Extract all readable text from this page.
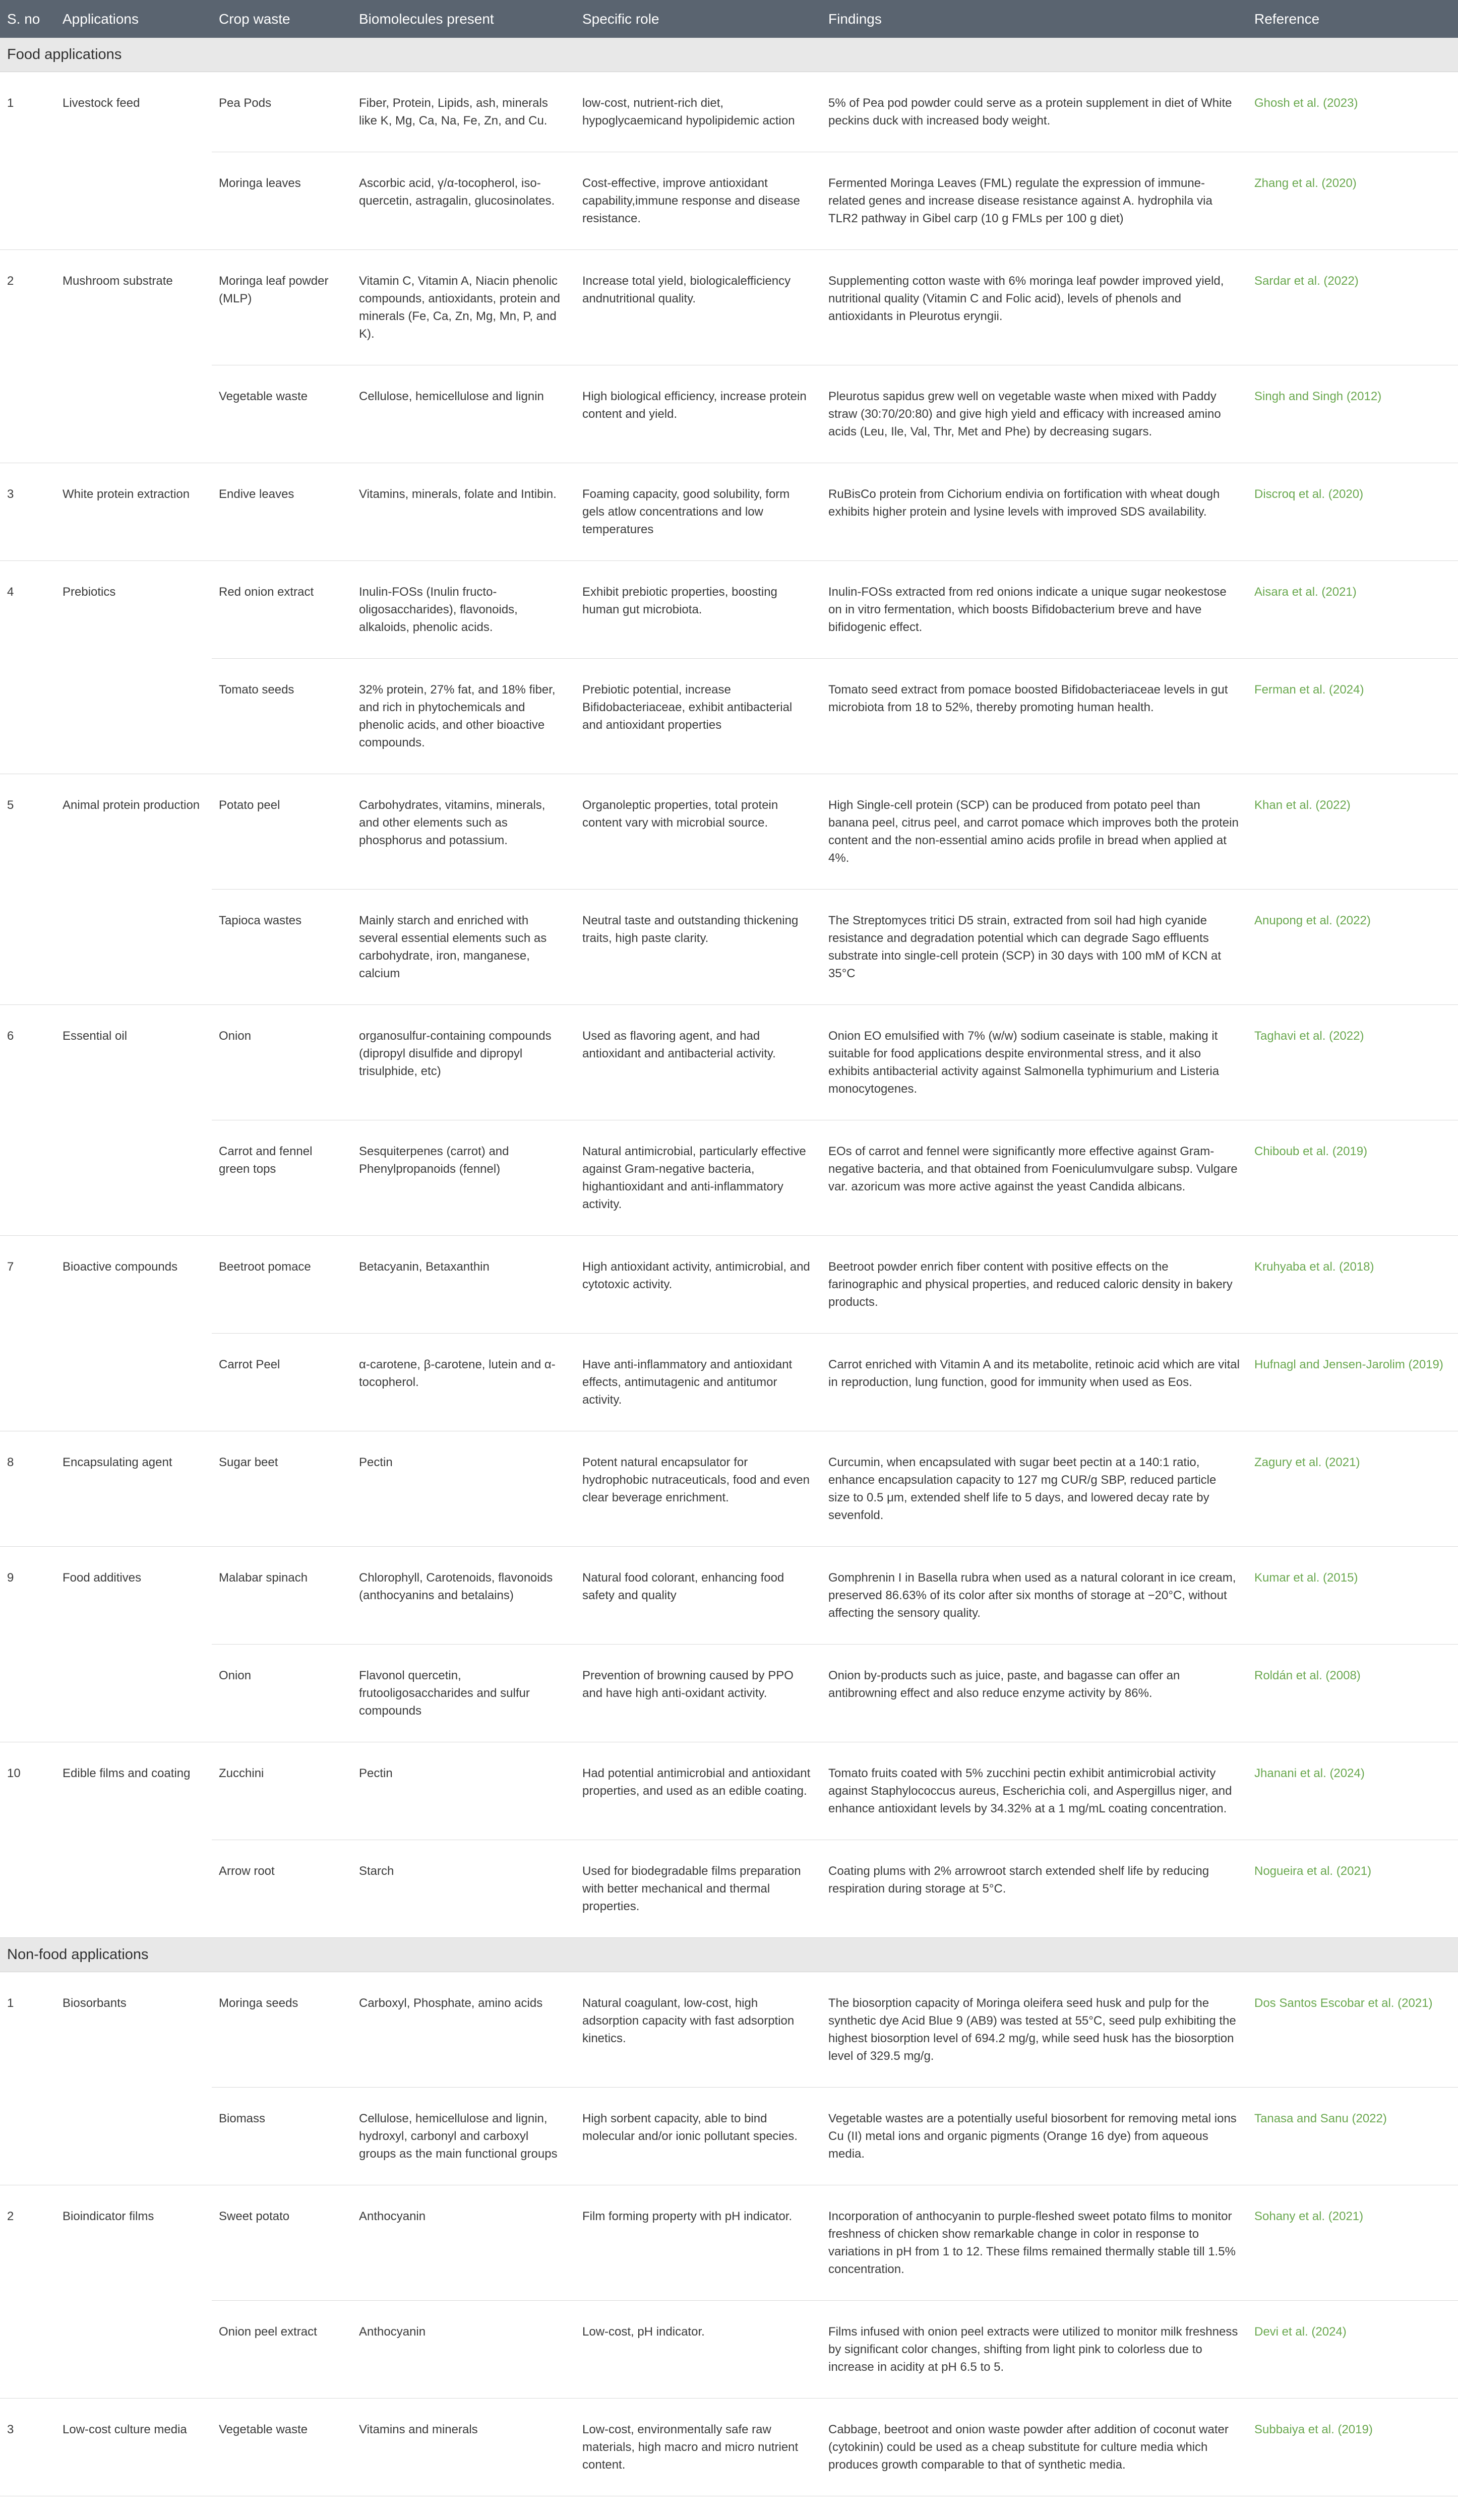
S. no	Applications	Crop waste	Biomolecules present	Specific role	Findings	Reference
Food applications						
1	Livestock feed	Pea Pods	Fiber, Protein, Lipids, ash, minerals like K, Mg, Ca, Na, Fe, Zn, and Cu.	low-cost, nutrient-rich diet, hypoglycaemicand hypolipidemic action	5% of Pea pod powder could serve as a protein supplement in diet of White peckins duck with increased body weight.	Ghosh et al. (2023)
		Moringa leaves	Ascorbic acid, γ/α-tocopherol, iso-quercetin, astragalin, glucosinolates.	Cost-effective, improve antioxidant capability,immune response and disease resistance.	Fermented Moringa Leaves (FML) regulate the expression of immune-related genes and increase disease resistance against A. hydrophila via TLR2 pathway in Gibel carp (10 g FMLs per 100 g diet)	Zhang et al. (2020)
2	Mushroom substrate	Moringa leaf powder (MLP)	Vitamin C, Vitamin A, Niacin phenolic compounds, antioxidants, protein and minerals (Fe, Ca, Zn, Mg, Mn, P, and K).	Increase total yield, biologicalefficiency andnutritional quality.	Supplementing cotton waste with 6% moringa leaf powder improved yield, nutritional quality (Vitamin C and Folic acid), levels of phenols and antioxidants in Pleurotus eryngii.	Sardar et al. (2022)
		Vegetable waste	Cellulose, hemicellulose and lignin	High biological efficiency, increase protein content and yield.	Pleurotus sapidus grew well on vegetable waste when mixed with Paddy straw (30:70/20:80) and give high yield and efficacy with increased amino acids (Leu, Ile, Val, Thr, Met and Phe) by decreasing sugars.	Singh and Singh (2012)
3	White protein extraction	Endive leaves	Vitamins, minerals, folate and Intibin.	Foaming capacity, good solubility, form gels atlow concentrations and low temperatures	RuBisCo protein from Cichorium endivia on fortification with wheat dough exhibits higher protein and lysine levels with improved SDS availability.	Discroq et al. (2020)
4	Prebiotics	Red onion extract	Inulin-FOSs (Inulin fructo-oligosaccharides), flavonoids, alkaloids, phenolic acids.	Exhibit prebiotic properties, boosting human gut microbiota.	Inulin-FOSs extracted from red onions indicate a unique sugar neokestose on in vitro fermentation, which boosts Bifidobacterium breve and have bifidogenic effect.	Aisara et al. (2021)
		Tomato seeds	32% protein, 27% fat, and 18% fiber, and rich in phytochemicals and phenolic acids, and other bioactive compounds.	Prebiotic potential, increase Bifidobacteriaceae, exhibit antibacterial and antioxidant properties	Tomato seed extract from pomace boosted Bifidobacteriaceae levels in gut microbiota from 18 to 52%, thereby promoting human health.	Ferman et al. (2024)
5	Animal protein production	Potato peel	Carbohydrates, vitamins, minerals, and other elements such as phosphorus and potassium.	Organoleptic properties, total protein content vary with microbial source.	High Single-cell protein (SCP) can be produced from potato peel than banana peel, citrus peel, and carrot pomace which improves both the protein content and the non-essential amino acids profile in bread when applied at 4%.	Khan et al. (2022)
		Tapioca wastes	Mainly starch and enriched with several essential elements such as carbohydrate, iron, manganese, calcium	Neutral taste and outstanding thickening traits, high paste clarity.	The Streptomyces tritici D5 strain, extracted from soil had high cyanide resistance and degradation potential which can degrade Sago effluents substrate into single-cell protein (SCP) in 30 days with 100 mM of KCN at 35°C	Anupong et al. (2022)
6	Essential oil	Onion	organosulfur-containing compounds (dipropyl disulfide and dipropyl trisulphide, etc)	Used as flavoring agent, and had antioxidant and antibacterial activity.	Onion EO emulsified with 7% (w/w) sodium caseinate is stable, making it suitable for food applications despite environmental stress, and it also exhibits antibacterial activity against Salmonella typhimurium and Listeria monocytogenes.	Taghavi et al. (2022)
		Carrot and fennel green tops	Sesquiterpenes (carrot) and Phenylpropanoids (fennel)	Natural antimicrobial, particularly effective against Gram-negative bacteria, highantioxidant and anti-inflammatory activity.	EOs of carrot and fennel were significantly more effective against Gram-negative bacteria, and that obtained from Foeniculumvulgare subsp. Vulgare var. azoricum was more active against the yeast Candida albicans.	Chiboub et al. (2019)
7	Bioactive compounds	Beetroot pomace	Betacyanin, Betaxanthin	High antioxidant activity, antimicrobial, and cytotoxic activity.	Beetroot powder enrich fiber content with positive effects on the farinographic and physical properties, and reduced caloric density in bakery products.	Kruhyaba et al. (2018)
		Carrot Peel	α-carotene, β-carotene, lutein and α-tocopherol.	Have anti-inflammatory and antioxidant effects, antimutagenic and antitumor activity.	Carrot enriched with Vitamin A and its metabolite, retinoic acid which are vital in reproduction, lung function, good for immunity when used as Eos.	Hufnagl and Jensen-Jarolim (2019)
8	Encapsulating agent	Sugar beet	Pectin	Potent natural encapsulator for hydrophobic nutraceuticals, food and even clear beverage enrichment.	Curcumin, when encapsulated with sugar beet pectin at a 140:1 ratio, enhance encapsulation capacity to 127 mg CUR/g SBP, reduced particle size to 0.5 μm, extended shelf life to 5 days, and lowered decay rate by sevenfold.	Zagury et al. (2021)
9	Food additives	Malabar spinach	Chlorophyll, Carotenoids, flavonoids (anthocyanins and betalains)	Natural food colorant, enhancing food safety and quality	Gomphrenin I in Basella rubra when used as a natural colorant in ice cream, preserved 86.63% of its color after six months of storage at −20°C, without affecting the sensory quality.	Kumar et al. (2015)
		Onion	Flavonol quercetin, frutooligosaccharides and sulfur compounds	Prevention of browning caused by PPO and have high anti-oxidant activity.	Onion by-products such as juice, paste, and bagasse can offer an antibrowning effect and also reduce enzyme activity by 86%.	Roldán et al. (2008)
10	Edible films and coating	Zucchini	Pectin	Had potential antimicrobial and antioxidant properties, and used as an edible coating.	Tomato fruits coated with 5% zucchini pectin exhibit antimicrobial activity against Staphylococcus aureus, Escherichia coli, and Aspergillus niger, and enhance antioxidant levels by 34.32% at a 1 mg/mL coating concentration.	Jhanani et al. (2024)
		Arrow root	Starch	Used for biodegradable films preparation with better mechanical and thermal properties.	Coating plums with 2% arrowroot starch extended shelf life by reducing respiration during storage at 5°C.	Nogueira et al. (2021)
Non-food applications						
1	Biosorbants	Moringa seeds	Carboxyl, Phosphate, amino acids	Natural coagulant, low-cost, high adsorption capacity with fast adsorption kinetics.	The biosorption capacity of Moringa oleifera seed husk and pulp for the synthetic dye Acid Blue 9 (AB9) was tested at 55°C, seed pulp exhibiting the highest biosorption level of 694.2 mg/g, while seed husk has the biosorption level of 329.5 mg/g.	Dos Santos Escobar et al. (2021)
		Biomass	Cellulose, hemicellulose and lignin, hydroxyl, carbonyl and carboxyl groups as the main functional groups	High sorbent capacity, able to bind molecular and/or ionic pollutant species.	Vegetable wastes are a potentially useful biosorbent for removing metal ions Cu (II) metal ions and organic pigments (Orange 16 dye) from aqueous media.	Tanasa and Sanu (2022)
2	Bioindicator films	Sweet potato	Anthocyanin	Film forming property with pH indicator.	Incorporation of anthocyanin to purple-fleshed sweet potato films to monitor freshness of chicken show remarkable change in color in response to variations in pH from 1 to 12. These films remained thermally stable till 1.5% concentration.	Sohany et al. (2021)
		Onion peel extract	Anthocyanin	Low-cost, pH indicator.	Films infused with onion peel extracts were utilized to monitor milk freshness by significant color changes, shifting from light pink to colorless due to increase in acidity at pH 6.5 to 5.	Devi et al. (2024)
3	Low-cost culture media	Vegetable waste	Vitamins and minerals	Low-cost, environmentally safe raw materials, high macro and micro nutrient content.	Cabbage, beetroot and onion waste powder after addition of coconut water (cytokinin) could be used as a cheap substitute for culture media which produces growth comparable to that of synthetic media.	Subbaiya et al. (2019)
